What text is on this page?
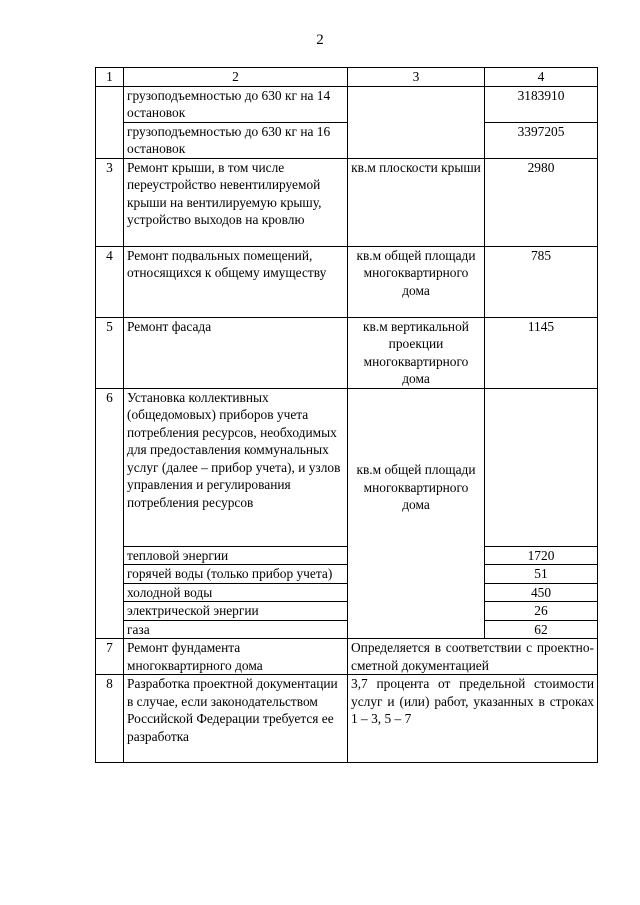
2
1	2	3	4
	грузоподъемностью до 630 кг на 14 остановок		3183910
	грузоподъемностью до 630 кг на 16 остановок		3397205
3	Ремонт крыши, в том числе переустройство невентилируемой крыши на вентилируемую крышу, устройство выходов на кровлю	кв.м плоскости крыши	2980
4	Ремонт подвальных помещений, относящихся к общему имуществу	кв.м общей площади многоквартирного дома	785
5	Ремонт фасада	кв.м вертикальной проекции многоквартирного дома	1145
6	Установка коллективных (общедомовых) приборов учета потребления ресурсов, необходимых для предоставления коммунальных услуг (далее – прибор учета), и узлов управления и регулирования потребления ресурсов	кв.м общей площади многоквартирного дома	

	тепловой энергии		1720
	горячей воды (только прибор учета)		51
	холодной воды		450
	электрической энергии		26
	газа		62
7	Ремонт фундамента многоквартирного дома	Определяется в соответствии с проектно-сметной документацией	
8	Разработка проектной документации в случае, если законодательством Российской Федерации требуется ее разработка	3,7 процента от предельной стоимости услуг и (или) работ, указанных в строках 1 – 3, 5 – 7	
